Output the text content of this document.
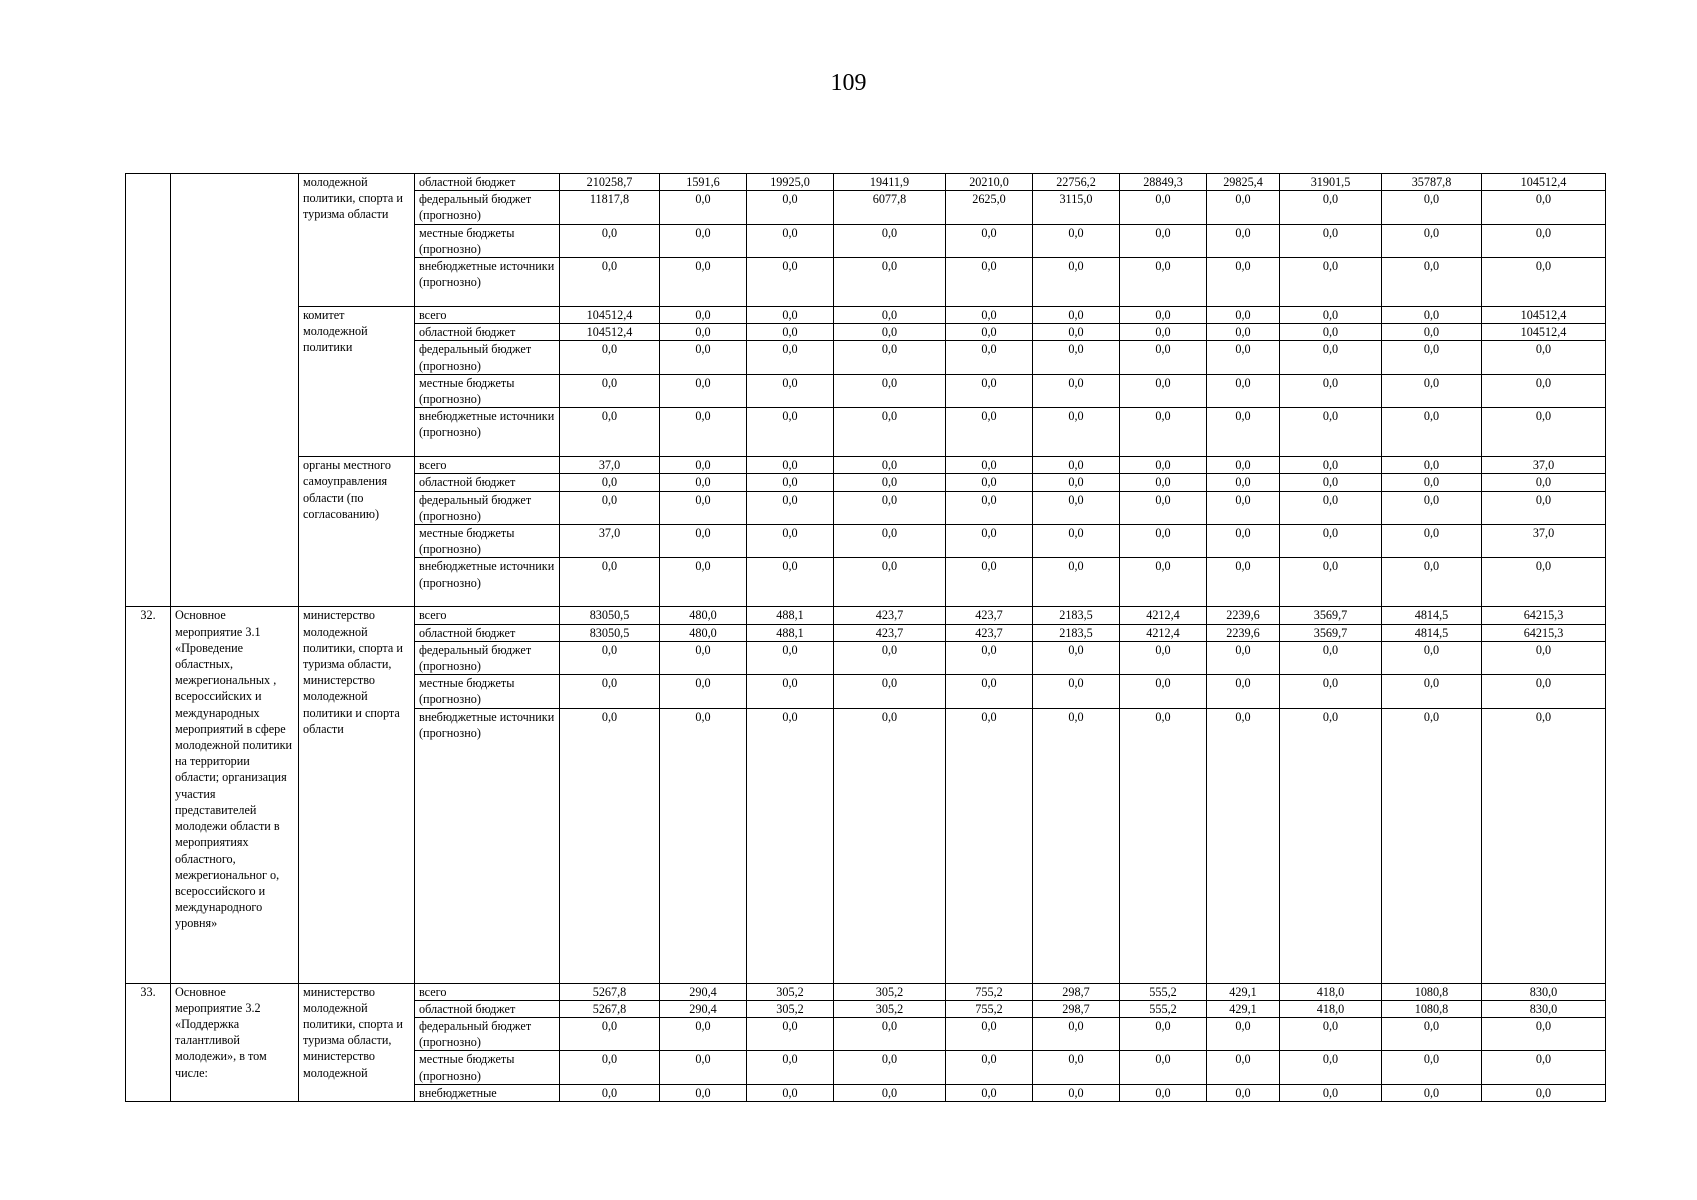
109
		молодежной политики, спорта и туризма области	областной бюджет	210258,7	1591,6	19925,0	19411,9	20210,0	22756,2	28849,3	29825,4	31901,5	35787,8	104512,4
			федеральный бюджет (прогнозно)	11817,8	0,0	0,0	6077,8	2625,0	3115,0	0,0	0,0	0,0	0,0	0,0
			местные бюджеты (прогнозно)	0,0	0,0	0,0	0,0	0,0	0,0	0,0	0,0	0,0	0,0	0,0
			внебюджетные источники (прогнозно)	0,0	0,0	0,0	0,0	0,0	0,0	0,0	0,0	0,0	0,0	0,0
		комитет молодежной политики	всего	104512,4	0,0	0,0	0,0	0,0	0,0	0,0	0,0	0,0	0,0	104512,4
			областной бюджет	104512,4	0,0	0,0	0,0	0,0	0,0	0,0	0,0	0,0	0,0	104512,4
			федеральный бюджет (прогнозно)	0,0	0,0	0,0	0,0	0,0	0,0	0,0	0,0	0,0	0,0	0,0
			местные бюджеты (прогнозно)	0,0	0,0	0,0	0,0	0,0	0,0	0,0	0,0	0,0	0,0	0,0
			внебюджетные источники (прогнозно)	0,0	0,0	0,0	0,0	0,0	0,0	0,0	0,0	0,0	0,0	0,0
		органы местного самоуправления области (по согласованию)	всего	37,0	0,0	0,0	0,0	0,0	0,0	0,0	0,0	0,0	0,0	37,0
			областной бюджет	0,0	0,0	0,0	0,0	0,0	0,0	0,0	0,0	0,0	0,0	0,0
			федеральный бюджет (прогнозно)	0,0	0,0	0,0	0,0	0,0	0,0	0,0	0,0	0,0	0,0	0,0
			местные бюджеты (прогнозно)	37,0	0,0	0,0	0,0	0,0	0,0	0,0	0,0	0,0	0,0	37,0
			внебюджетные источники (прогнозно)	0,0	0,0	0,0	0,0	0,0	0,0	0,0	0,0	0,0	0,0	0,0
32.	Основное мероприятие 3.1 «Проведение областных, межрегиональных , всероссийских и международных мероприятий в сфере молодежной политики на территории области; организация участия представителей молодежи области в мероприятиях областного, межрегиональног о, всероссийского и международного уровня»	министерство молодежной политики, спорта и туризма области, министерство молодежной политики и спорта области	всего	83050,5	480,0	488,1	423,7	423,7	2183,5	4212,4	2239,6	3569,7	4814,5	64215,3
			областной бюджет	83050,5	480,0	488,1	423,7	423,7	2183,5	4212,4	2239,6	3569,7	4814,5	64215,3
			федеральный бюджет (прогнозно)	0,0	0,0	0,0	0,0	0,0	0,0	0,0	0,0	0,0	0,0	0,0
			местные бюджеты (прогнозно)	0,0	0,0	0,0	0,0	0,0	0,0	0,0	0,0	0,0	0,0	0,0
			внебюджетные источники (прогнозно)	0,0	0,0	0,0	0,0	0,0	0,0	0,0	0,0	0,0	0,0	0,0
33.	Основное мероприятие 3.2 «Поддержка талантливой молодежи», в том числе:	министерство молодежной политики, спорта и туризма области, министерство молодежной	всего	5267,8	290,4	305,2	305,2	755,2	298,7	555,2	429,1	418,0	1080,8	830,0
			областной бюджет	5267,8	290,4	305,2	305,2	755,2	298,7	555,2	429,1	418,0	1080,8	830,0
			федеральный бюджет (прогнозно)	0,0	0,0	0,0	0,0	0,0	0,0	0,0	0,0	0,0	0,0	0,0
			местные бюджеты (прогнозно)	0,0	0,0	0,0	0,0	0,0	0,0	0,0	0,0	0,0	0,0	0,0
			внебюджетные	0,0	0,0	0,0	0,0	0,0	0,0	0,0	0,0	0,0	0,0	0,0
